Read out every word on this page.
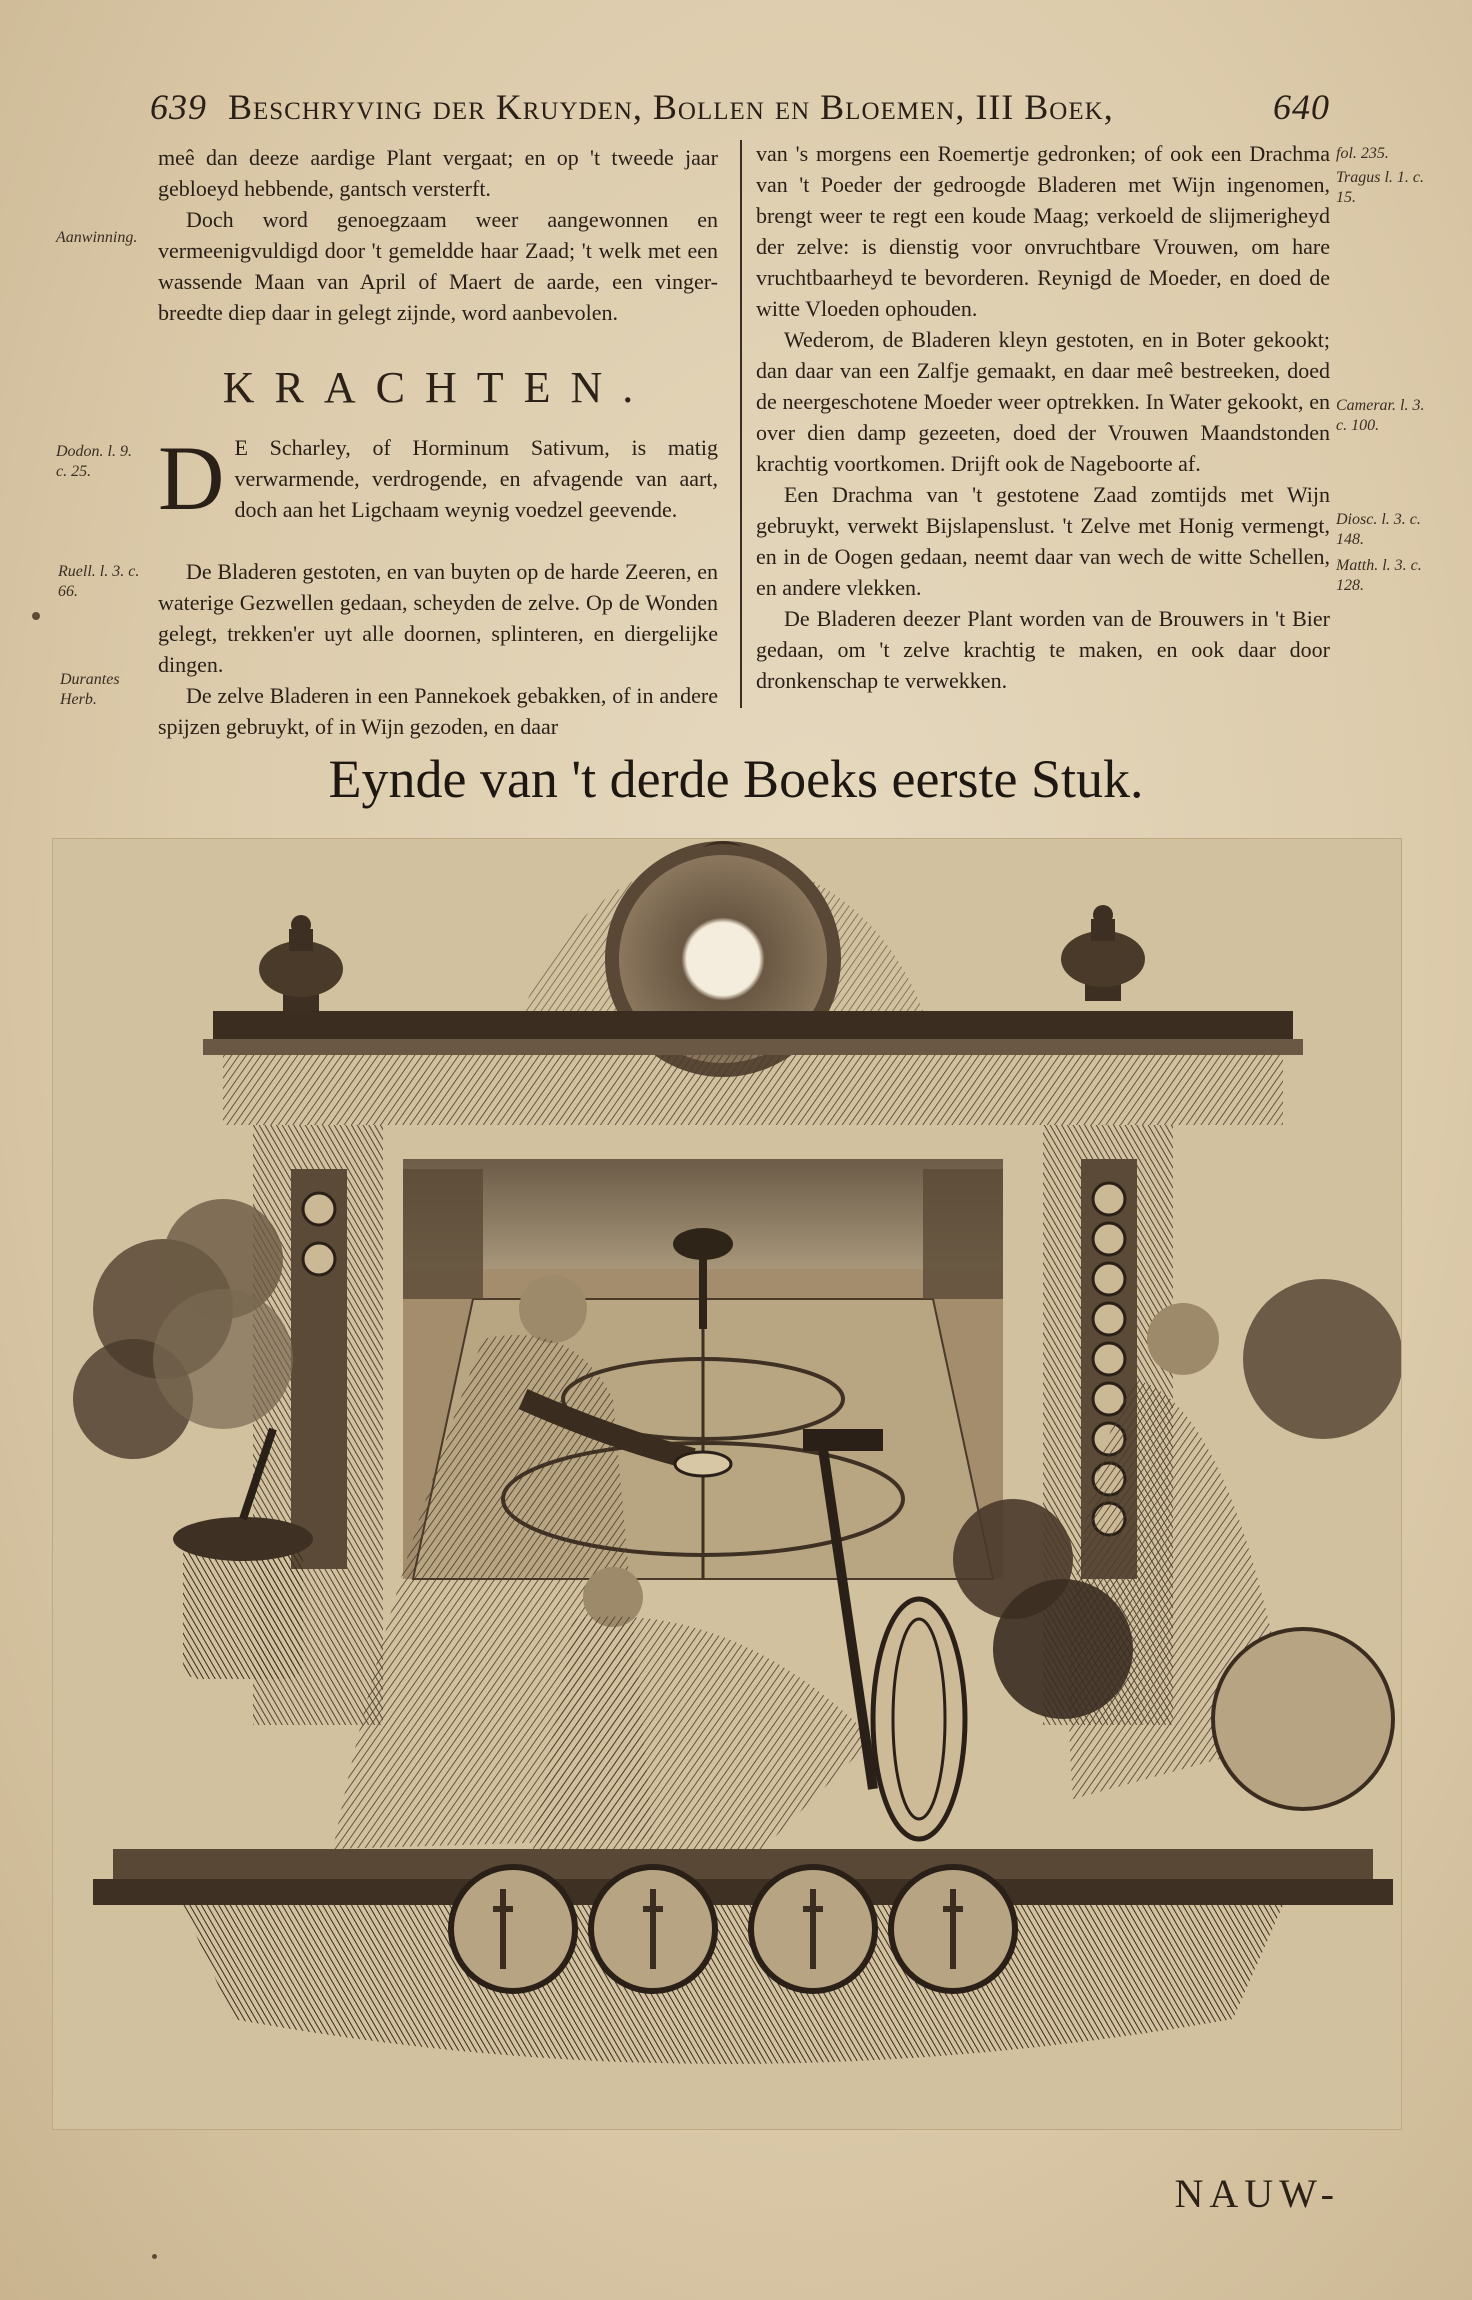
639 Beschryving der Kruyden, Bollen en Bloemen, III Boek,	640
Aanwinning.
Dodon. l. 9. c. 25.
Ruell. l. 3. c. 66.
Durantes Herb.
fol. 235.
Tragus l. 1. c. 15.
Camerar. l. 3. c. 100.
Diosc. l. 3. c. 148.
Matth. l. 3. c. 128.

meê dan deeze aardige Plant vergaat; en op 't tweede jaar gebloeyd hebbende, gantsch versterft.

Doch word genoegzaam weer aangewonnen en vermeenigvuldigd door 't gemeldde haar Zaad; 't welk met een wassende Maan van April of Maert de aarde, een vinger-breedte diep daar in gelegt zijnde, word aanbevolen.

D E Scharley, of Horminum Sativum, is matig verwarmende, verdrogende, en afvagende van aart, doch aan het Ligchaam weynig voedzel geevende.

De Bladeren gestoten, en van buyten op de harde Zeeren, en waterige Gezwellen gedaan, scheyden de zelve. Op de Wonden gelegt, trekken'er uyt alle doornen, splinteren, en diergelijke dingen.

De zelve Bladeren in een Pannekoek gebakken, of in andere spijzen gebruykt, of in Wijn gezoden, en daar

KRACHTEN.

van 's morgens een Roemertje gedronken; of ook een Drachma van 't Poeder der gedroogde Bladeren met Wijn ingenomen, brengt weer te regt een koude Maag; verkoeld de slijmerigheyd der zelve: is dienstig voor onvruchtbare Vrouwen, om hare vruchtbaarheyd te bevorderen. Reynigd de Moeder, en doed de witte Vloeden ophouden.

Wederom, de Bladeren kleyn gestoten, en in Boter gekookt; dan daar van een Zalfje gemaakt, en daar meê bestreeken, doed de neergeschotene Moeder weer optrekken. In Water gekookt, en over dien damp gezeeten, doed der Vrouwen Maandstonden krachtig voortkomen. Drijft ook de Nageboorte af.

Een Drachma van 't gestotene Zaad zomtijds met Wijn gebruykt, verwekt Bijslapenslust. 't Zelve met Honig vermengt, en in de Oogen gedaan, neemt daar van wech de witte Schellen, en andere vlekken.

De Bladeren deezer Plant worden van de Brouwers in 't Bier gedaan, om 't zelve krachtig te maken, en ook daar door dronkenschap te verwekken.

Eynde van 't derde Boeks eerste Stuk.
NAUW-
